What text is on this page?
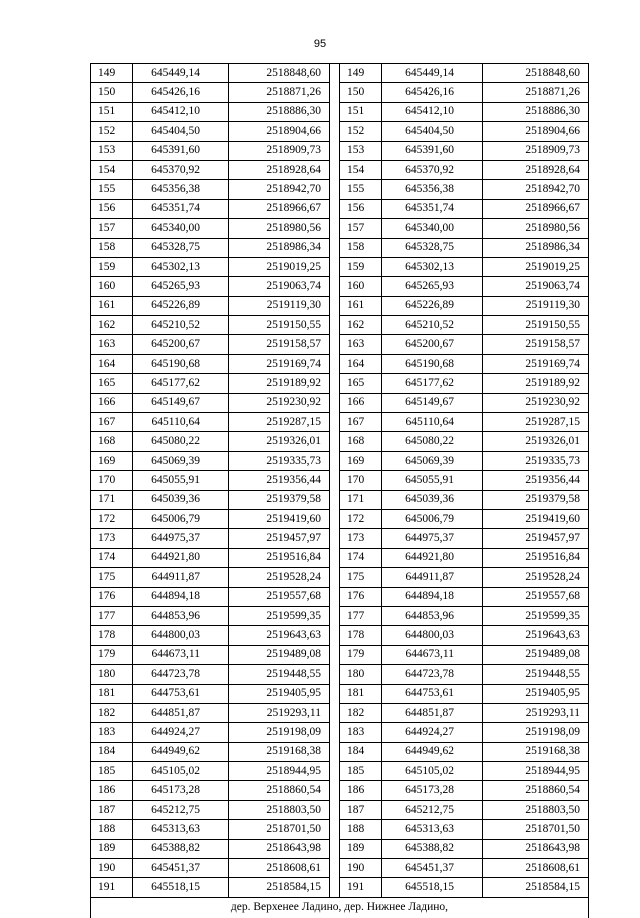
95
149	645449,14	2518848,60		149	645449,14	2518848,60
150	645426,16	2518871,26		150	645426,16	2518871,26
151	645412,10	2518886,30		151	645412,10	2518886,30
152	645404,50	2518904,66		152	645404,50	2518904,66
153	645391,60	2518909,73		153	645391,60	2518909,73
154	645370,92	2518928,64		154	645370,92	2518928,64
155	645356,38	2518942,70		155	645356,38	2518942,70
156	645351,74	2518966,67		156	645351,74	2518966,67
157	645340,00	2518980,56		157	645340,00	2518980,56
158	645328,75	2518986,34		158	645328,75	2518986,34
159	645302,13	2519019,25		159	645302,13	2519019,25
160	645265,93	2519063,74		160	645265,93	2519063,74
161	645226,89	2519119,30		161	645226,89	2519119,30
162	645210,52	2519150,55		162	645210,52	2519150,55
163	645200,67	2519158,57		163	645200,67	2519158,57
164	645190,68	2519169,74		164	645190,68	2519169,74
165	645177,62	2519189,92		165	645177,62	2519189,92
166	645149,67	2519230,92		166	645149,67	2519230,92
167	645110,64	2519287,15		167	645110,64	2519287,15
168	645080,22	2519326,01		168	645080,22	2519326,01
169	645069,39	2519335,73		169	645069,39	2519335,73
170	645055,91	2519356,44		170	645055,91	2519356,44
171	645039,36	2519379,58		171	645039,36	2519379,58
172	645006,79	2519419,60		172	645006,79	2519419,60
173	644975,37	2519457,97		173	644975,37	2519457,97
174	644921,80	2519516,84		174	644921,80	2519516,84
175	644911,87	2519528,24		175	644911,87	2519528,24
176	644894,18	2519557,68		176	644894,18	2519557,68
177	644853,96	2519599,35		177	644853,96	2519599,35
178	644800,03	2519643,63		178	644800,03	2519643,63
179	644673,11	2519489,08		179	644673,11	2519489,08
180	644723,78	2519448,55		180	644723,78	2519448,55
181	644753,61	2519405,95		181	644753,61	2519405,95
182	644851,87	2519293,11		182	644851,87	2519293,11
183	644924,27	2519198,09		183	644924,27	2519198,09
184	644949,62	2519168,38		184	644949,62	2519168,38
185	645105,02	2518944,95		185	645105,02	2518944,95
186	645173,28	2518860,54		186	645173,28	2518860,54
187	645212,75	2518803,50		187	645212,75	2518803,50
188	645313,63	2518701,50		188	645313,63	2518701,50
189	645388,82	2518643,98		189	645388,82	2518643,98
190	645451,37	2518608,61		190	645451,37	2518608,61
191	645518,15	2518584,15		191	645518,15	2518584,15
дер. Верхенее Ладино, дер. Нижнее Ладино,						
